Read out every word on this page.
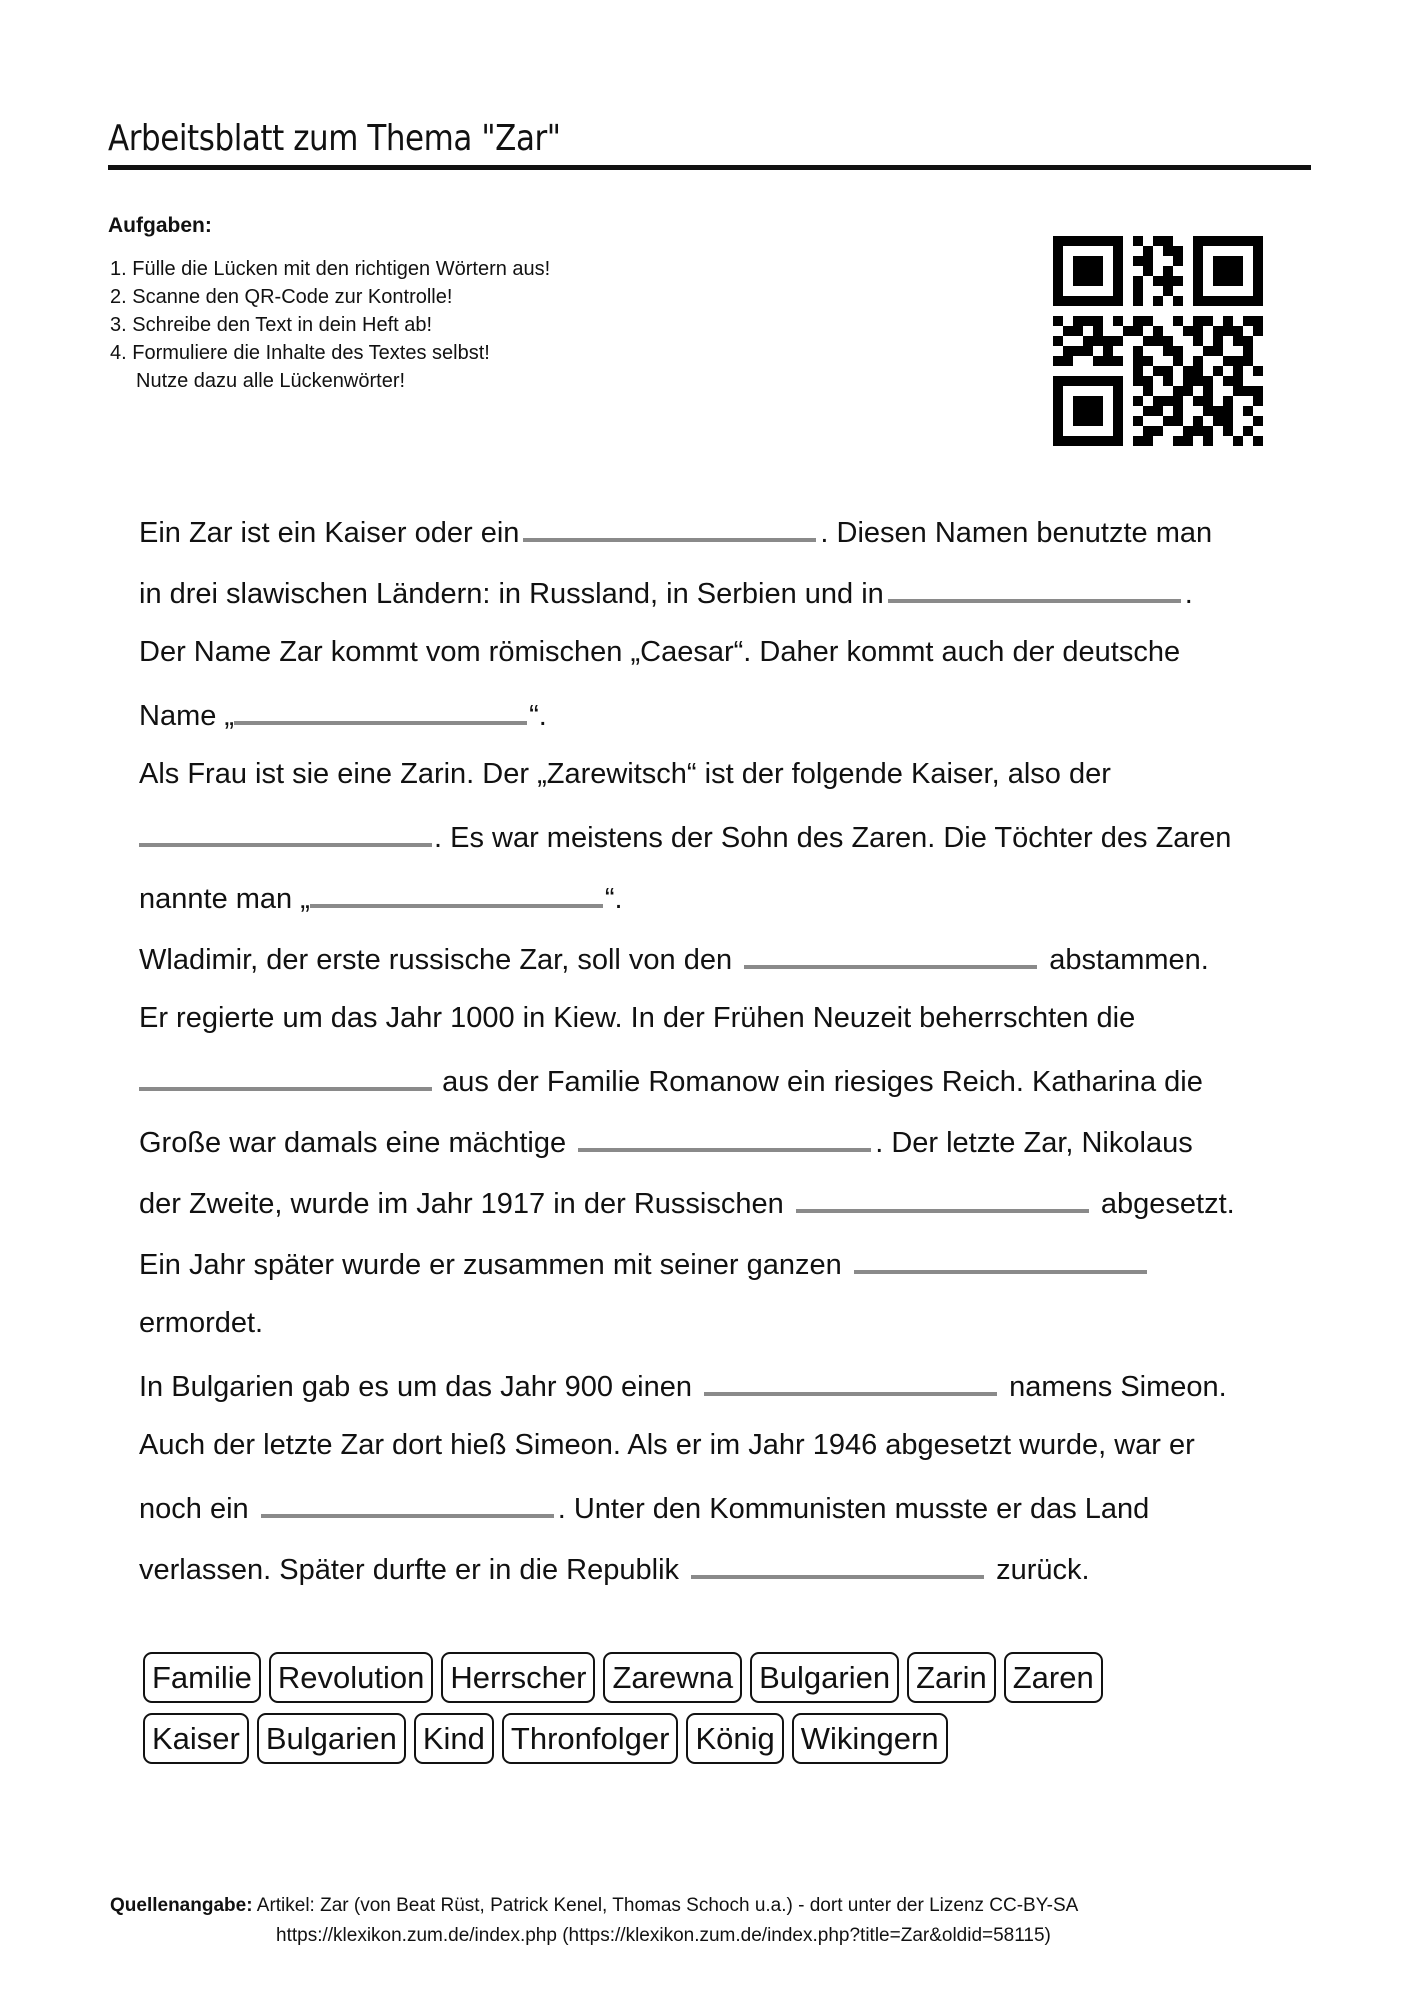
Arbeitsblatt zum Thema "Zar"
Aufgaben:
1. Fülle die Lücken mit den richtigen Wörtern aus!
2. Scanne den QR-Code zur Kontrolle!
3. Schreibe den Text in dein Heft ab!
4. Formuliere die Inhalte des Textes selbst!
Nutze dazu alle Lückenwörter!
Ein Zar ist ein Kaiser oder ein	. Diesen Namen benutzte man
in drei slawischen Ländern: in Russland, in Serbien und in	.
Der Name Zar kommt vom römischen „Caesar“. Daher kommt auch der deutsche
Name „	“.
Als Frau ist sie eine Zarin. Der „Zarewitsch“ ist der folgende Kaiser, also der
. Es war meistens der Sohn des Zaren. Die Töchter des Zaren
nannte man „	“.
Wladimir, der erste russische Zar, soll von den	abstammen.
Er regierte um das Jahr 1000 in Kiew. In der Frühen Neuzeit beherrschten die
aus der Familie Romanow ein riesiges Reich. Katharina die
Große war damals eine mächtige	. Der letzte Zar, Nikolaus
der Zweite, wurde im Jahr 1917 in der Russischen	abgesetzt.
Ein Jahr später wurde er zusammen mit seiner ganzen
ermordet.
In Bulgarien gab es um das Jahr 900 einen	namens Simeon.
Auch der letzte Zar dort hieß Simeon. Als er im Jahr 1946 abgesetzt wurde, war er
noch ein	. Unter den Kommunisten musste er das Land
verlassen. Später durfte er in die Republik	zurück.
Familie Revolution Herrscher Zarewna Bulgarien Zarin Zaren
Kaiser Bulgarien Kind Thronfolger König Wikingern
Quellenangabe: Artikel: Zar (von Beat Rüst, Patrick Kenel, Thomas Schoch u.a.) - dort unter der Lizenz CC-BY-SA
https://klexikon.zum.de/index.php (https://klexikon.zum.de/index.php?title=Zar&oldid=58115)
